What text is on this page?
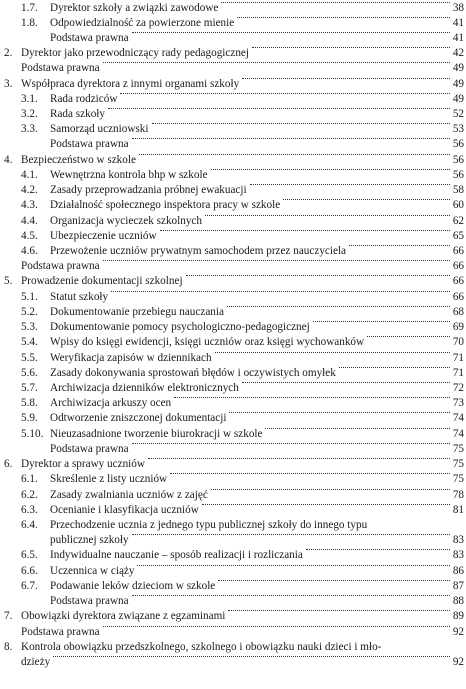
1.7. Dyrektor szkoły a związki zawodowe	38
1.8. Odpowiedzialność za powierzone mienie	41
Podstawa prawna	41
2. Dyrektor jako przewodniczący rady pedagogicznej	42
Podstawa prawna	49
3. Współpraca dyrektora z innymi organami szkoły	49
3.1. Rada rodziców	49
3.2. Rada szkoły	52
3.3. Samorząd uczniowski	53
Podstawa prawna	56
4. Bezpieczeństwo w szkole	56
4.1. Wewnętrzna kontrola bhp w szkole	56
4.2. Zasady przeprowadzania próbnej ewakuacji	58
4.3. Działalność społecznego inspektora pracy w szkole	60
4.4. Organizacja wycieczek szkolnych	62
4.5. Ubezpieczenie uczniów	65
4.6. Przewożenie uczniów prywatnym samochodem przez nauczyciela	66
Podstawa prawna	66
5. Prowadzenie dokumentacji szkolnej	66
5.1. Statut szkoły	66
5.2. Dokumentowanie przebiegu nauczania	68
5.3. Dokumentowanie pomocy psychologiczno-pedagogicznej	69
5.4. Wpisy do księgi ewidencji, księgi uczniów oraz księgi wychowanków	70
5.5. Weryfikacja zapisów w dziennikach	71
5.6. Zasady dokonywania sprostowań błędów i oczywistych omyłek	71
5.7. Archiwizacja dzienników elektronicznych	72
5.8. Archiwizacja arkuszy ocen	73
5.9. Odtworzenie zniszczonej dokumentacji	74
5.10. Nieuzasadnione tworzenie biurokracji w szkole	74
Podstawa prawna	75
6. Dyrektor a sprawy uczniów	75
6.1. Skreślenie z listy uczniów	75
6.2. Zasady zwalniania uczniów z zajęć	78
6.3. Ocenianie i klasyfikacja uczniów	81
6.4. Przechodzenie ucznia z jednego typu publicznej szkoły do innego typu
publicznej szkoły	83
6.5. Indywidualne nauczanie – sposób realizacji i rozliczania	83
6.6. Uczennica w ciąży	86
6.7. Podawanie leków dzieciom w szkole	87
Podstawa prawna	88
7. Obowiązki dyrektora związane z egzaminami	89
Podstawa prawna	92
8. Kontrola obowiązku przedszkolnego, szkolnego i obowiązku nauki dzieci i mło-
dzieży	92
